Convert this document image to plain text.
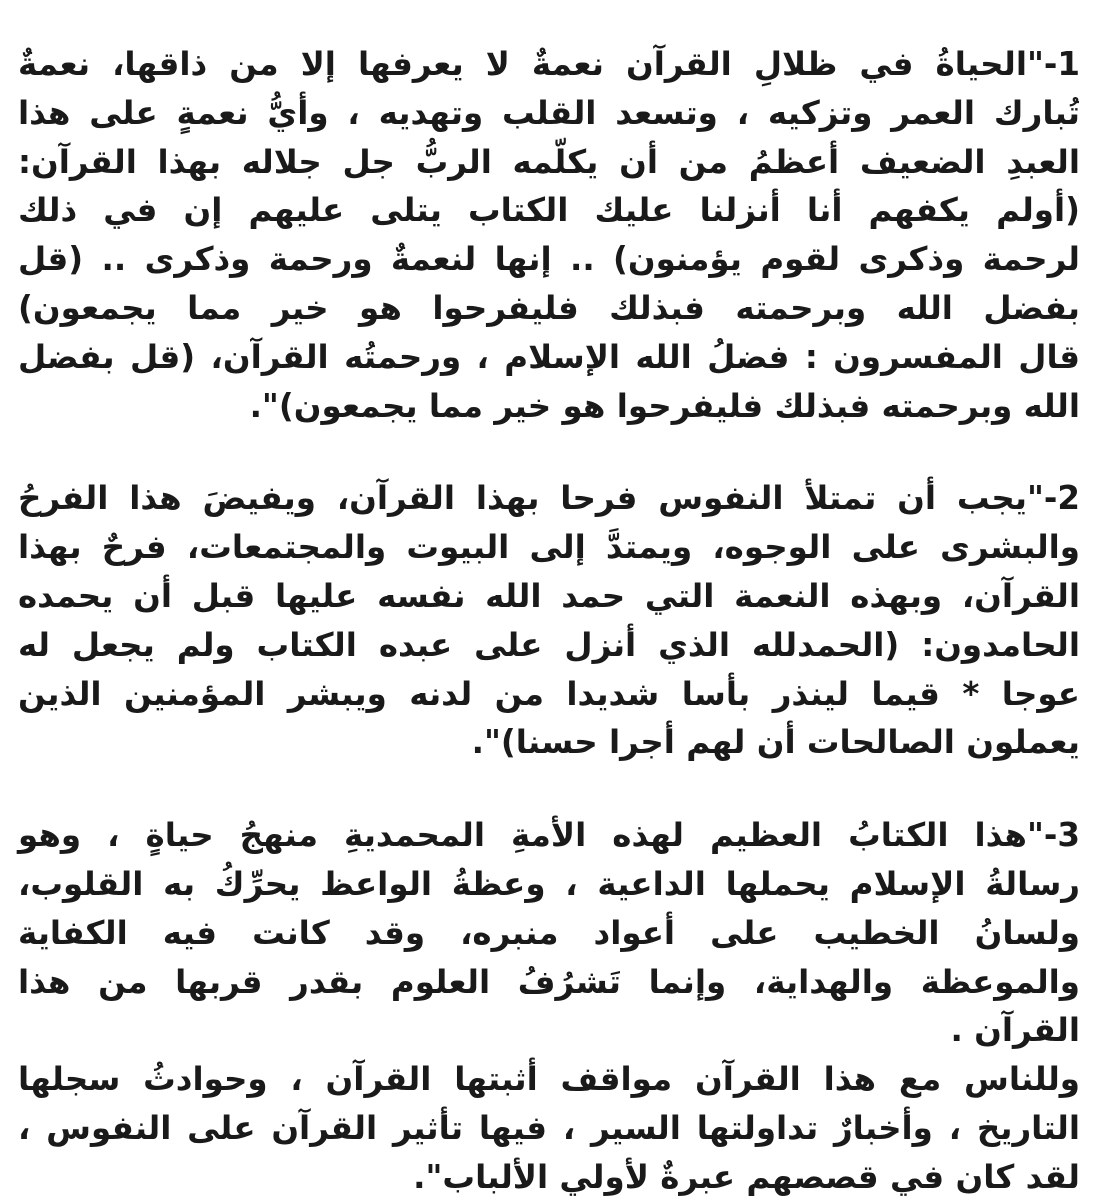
1-"الحياةُ في ظلالِ القرآن نعمةٌ لا يعرفها إلا من ذاقها، نعمةٌ
تُبارك العمر وتزكيه ، وتسعد القلب وتهديه ، وأيُّ نعمةٍ على هذا
العبدِ الضعيف أعظمُ من أن يكلّمه الربُّ جل جلاله بهذا القرآن:
(أولم يكفهم أنا أنزلنا عليك الكتاب يتلى عليهم إن في ذلك
لرحمة وذكرى لقوم يؤمنون) .. إنها لنعمةٌ ورحمة وذكرى .. (قل
بفضل الله وبرحمته فبذلك فليفرحوا هو خير مما يجمعون)
قال المفسرون : فضلُ الله الإسلام ، ورحمتُه القرآن، (قل بفضل
الله وبرحمته فبذلك فليفرحوا هو خير مما يجمعون)".
2-"يجب أن تمتلأ النفوس فرحا بهذا القرآن، ويفيضَ هذا الفرحُ
والبشرى على الوجوه، ويمتدَّ إلى البيوت والمجتمعات، فرحٌ بهذا
القرآن، وبهذه النعمة التي حمد الله نفسه عليها قبل أن يحمده
الحامدون: (الحمدلله الذي أنزل على عبده الكتاب ولم يجعل له
عوجا * قيما لينذر بأسا شديدا من لدنه ويبشر المؤمنين الذين
يعملون الصالحات أن لهم أجرا حسنا)".
3-"هذا الكتابُ العظيم لهذه الأمةِ المحمديةِ منهجُ حياةٍ ، وهو
رسالةُ الإسلام يحملها الداعية ، وعظةُ الواعظ يحرِّكُ به القلوب،
ولسانُ الخطيب على أعواد منبره، وقد كانت فيه الكفاية
والموعظة والهداية، وإنما تَشرُفُ العلوم بقدر قربها من هذا
القرآن .
وللناس مع هذا القرآن مواقف أثبتها القرآن ، وحوادثُ سجلها
التاريخ ، وأخبارٌ تداولتها السير ، فيها تأثير القرآن على النفوس ،
لقد كان في قصصهم عبرةٌ لأولي الألباب".
